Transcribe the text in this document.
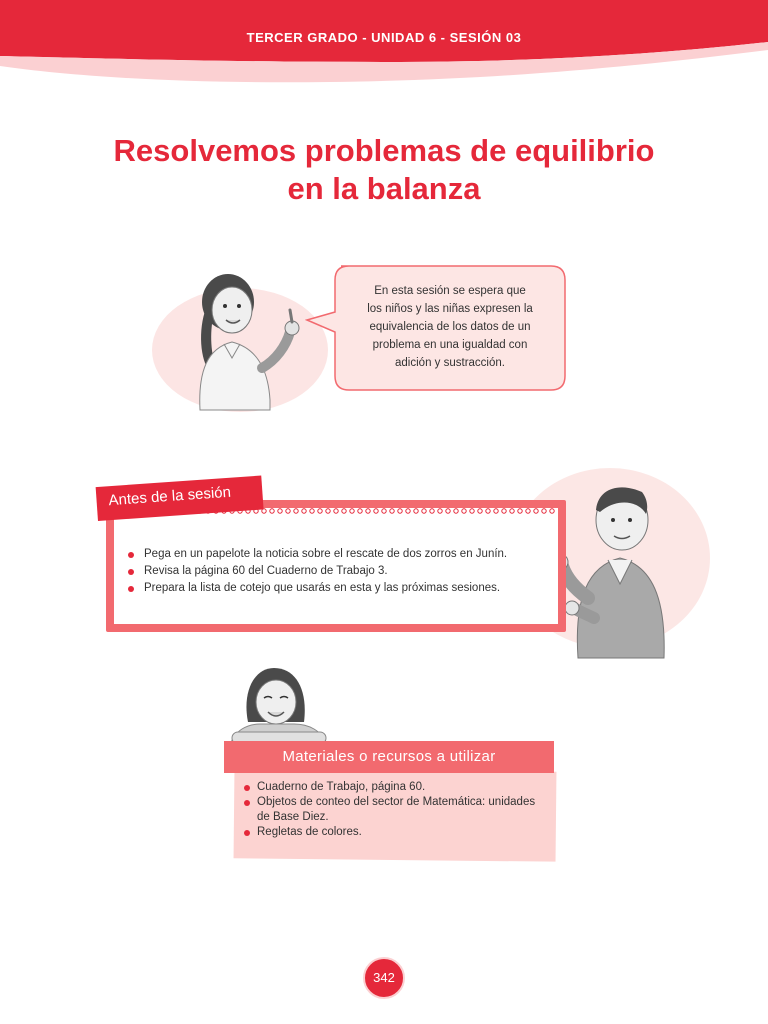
TERCER GRADO - UNIDAD 6 - SESIÓN 03
Resolvemos problemas de equilibrio
en la balanza
En esta sesión se espera que
los niños y las niñas expresen la
equivalencia de los datos de un
problema en una igualdad con
adición y sustracción.
Antes de la sesión
Pega en un papelote la noticia sobre el rescate de dos zorros en Junín.
Revisa la página 60 del Cuaderno de Trabajo 3.
Prepara la lista de cotejo que usarás en esta y las próximas sesiones.
Materiales o recursos a utilizar
Cuaderno de Trabajo, página 60.
Objetos de conteo del sector de Matemática: unidades de Base Diez.
Regletas de colores.
342
